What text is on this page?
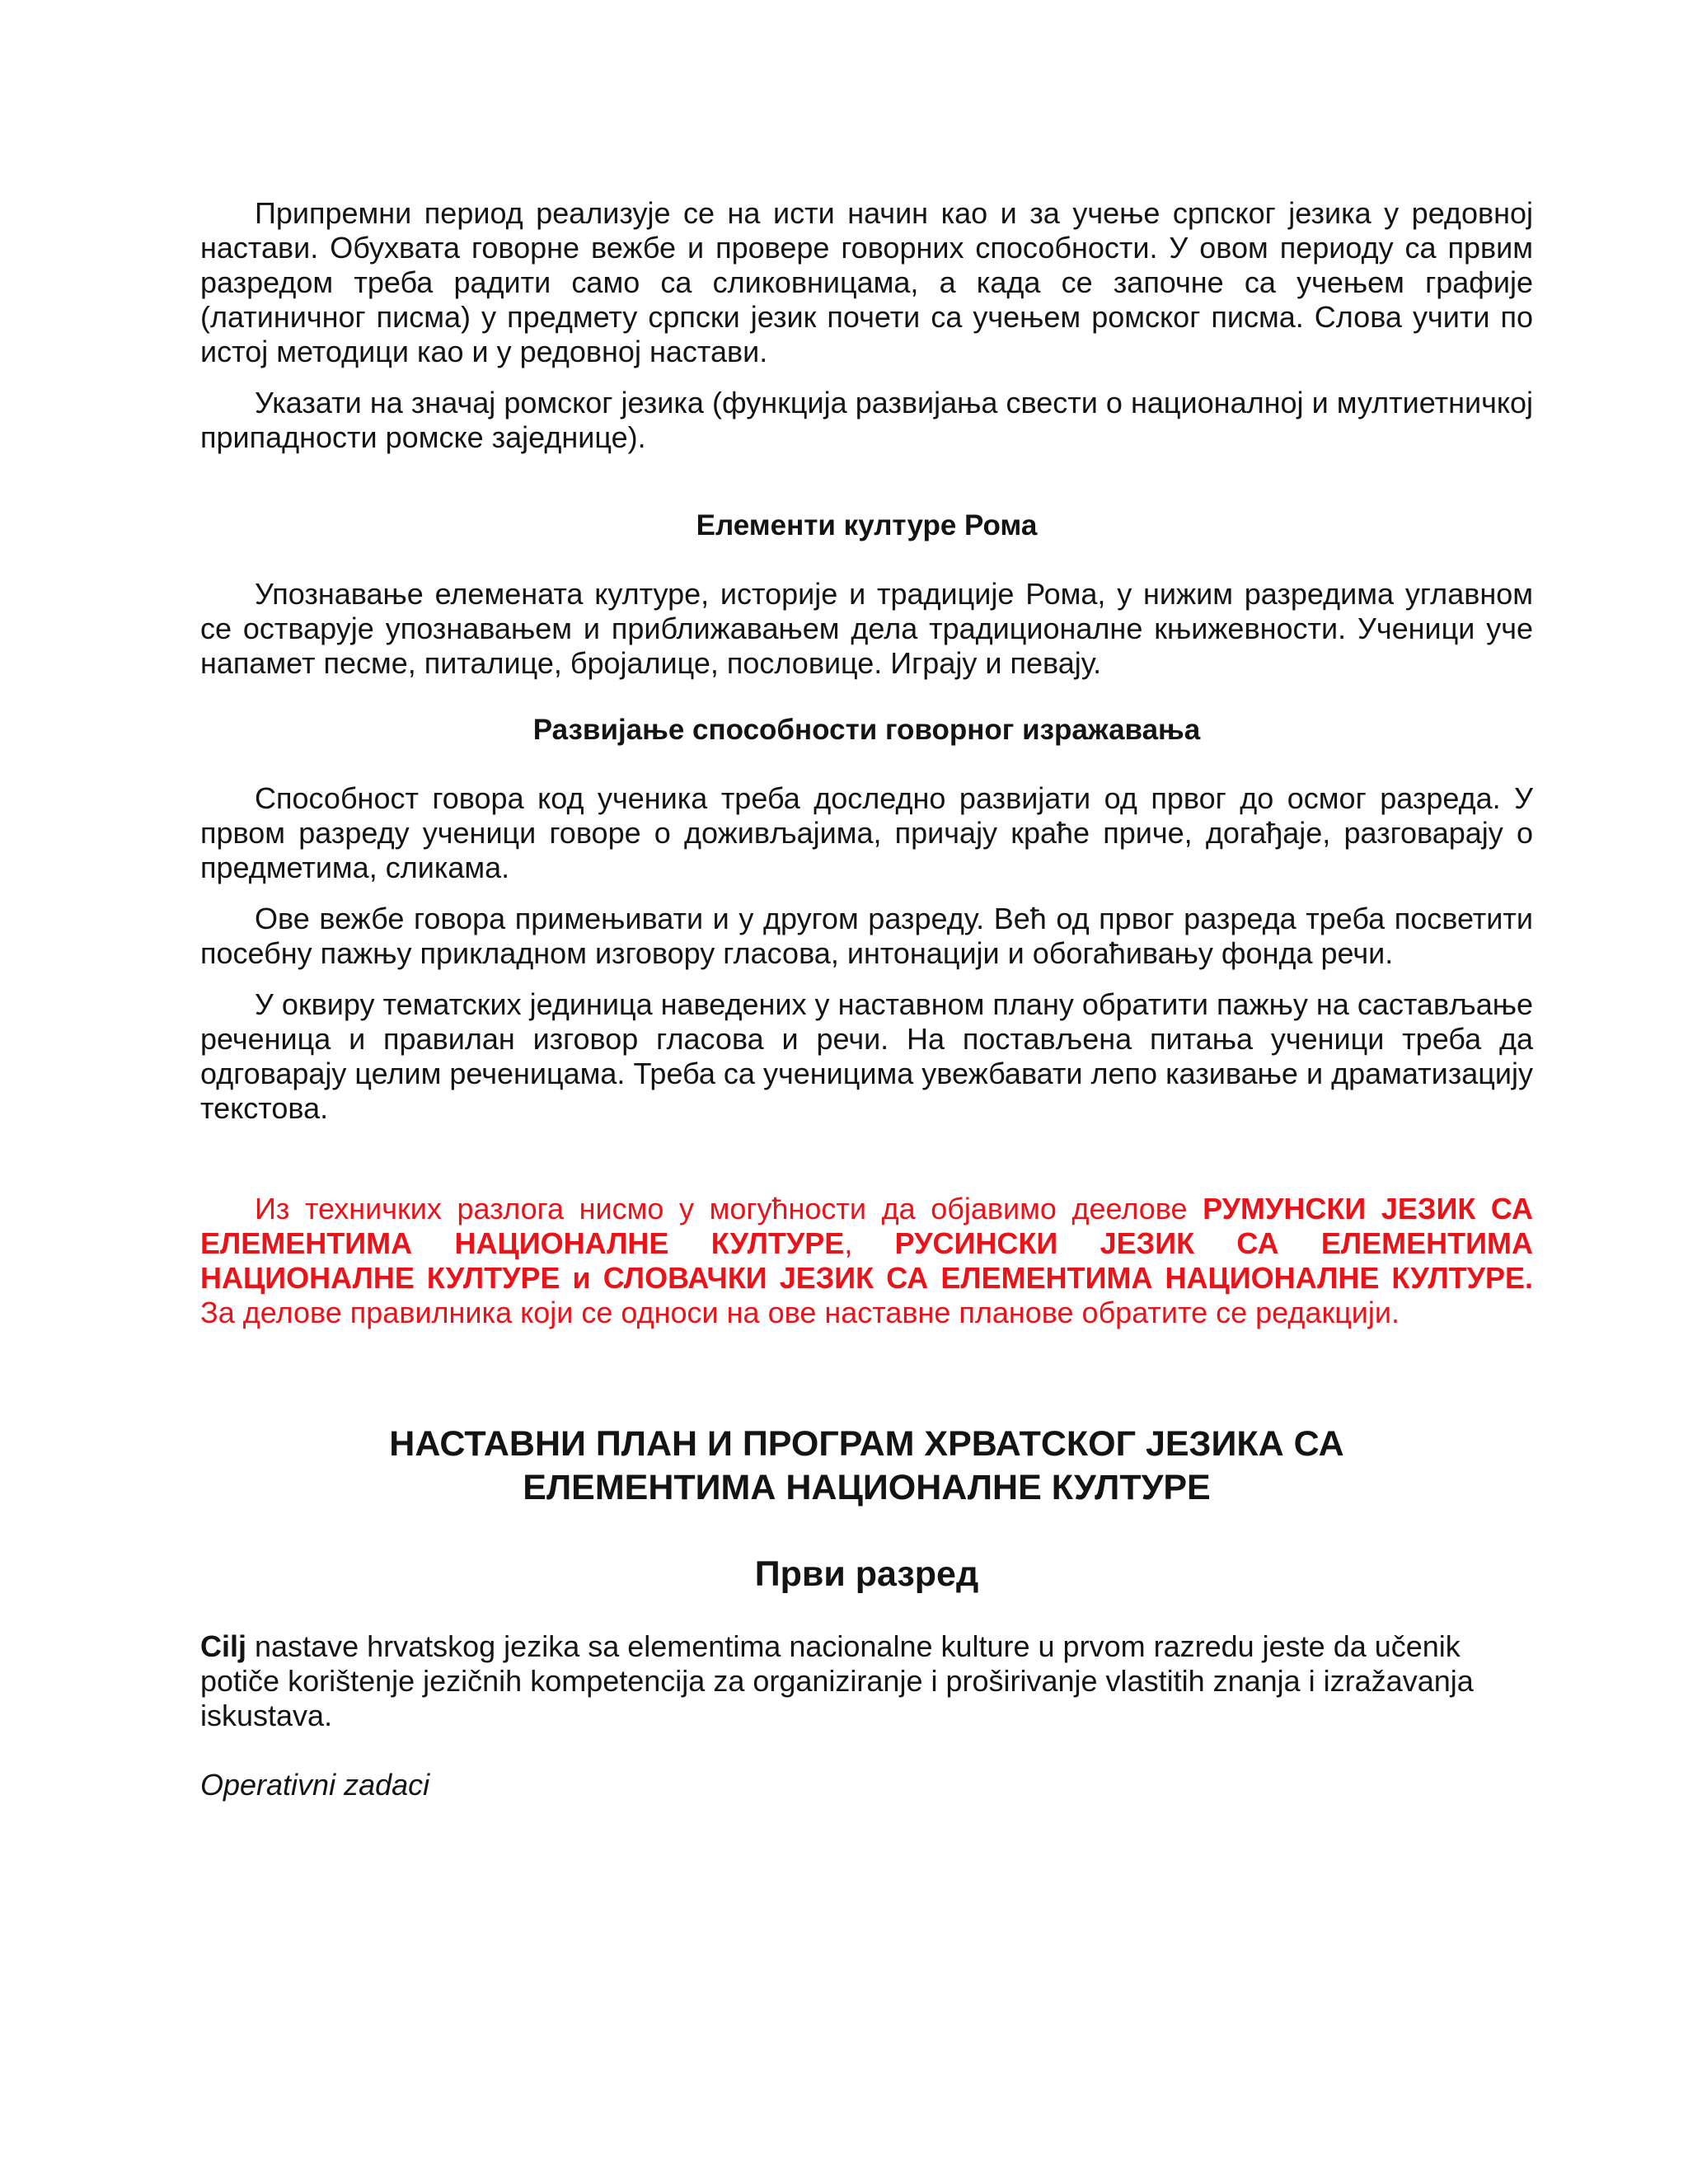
Припремни период реализује се на исти начин као и за учење српског језика у редовној настави. Обухвата говорне вежбе и провере говорних способности. У овом периоду са првим разредом треба радити само са сликовницама, а када се започне са учењем графије (латиничног писма) у предмету српски језик почети са учењем ромског писма. Слова учити по истој методици као и у редовној настави.

Указати на значај ромског језика (функција развијања свести о националној и мултиетничкој припадности ромске заједнице).

Елементи културе Рома

Упознавање елемената културе, историје и традиције Рома, у нижим разредима углавном се остварује упознавањем и приближавањем дела традиционалне књижевности. Ученици уче напамет песме, питалице, бројалице, пословице. Играју и певају.

Развијање способности говорног изражавања

Способност говора код ученика треба доследно развијати од првог до осмог разреда. У првом разреду ученици говоре о доживљајима, причају краће приче, догађаје, разговарају о предметима, сликама.

Ове вежбе говора примењивати и у другом разреду. Већ од првог разреда треба посветити посебну пажњу прикладном изговору гласова, интонацији и обогаћивању фонда речи.

У оквиру тематских јединица наведених у наставном плану обратити пажњу на састављање реченица и правилан изговор гласова и речи. На постављена питања ученици треба да одговарају целим реченицама. Треба са ученицима увежбавати лепо казивање и драматизацију текстова.

Из техничких разлога нисмо у могућности да објавимо деелове РУМУНСКИ ЈЕЗИК СА ЕЛЕМЕНТИМА НАЦИОНАЛНЕ КУЛТУРЕ, РУСИНСКИ ЈЕЗИК СА ЕЛЕМЕНТИМА НАЦИОНАЛНЕ КУЛТУРЕ и СЛОВАЧКИ ЈЕЗИК СА ЕЛЕМЕНТИМА НАЦИОНАЛНЕ КУЛТУРЕ. За делове правилника који се односи на ове наставне планове обратите се редакцији.

НАСТАВНИ ПЛАН И ПРОГРАМ ХРВАТСКОГ ЈЕЗИКА СА
ЕЛЕМЕНТИМА НАЦИОНАЛНЕ КУЛТУРЕ
Први разред

Cilj nastave hrvatskog jezika sa elementima nacionalne kulture u prvom razredu jeste da učenik potiče korištenje jezičnih kompetencija za organiziranje i proširivanje vlastitih znanja i izražavanja iskustava.

Operativni zadaci
